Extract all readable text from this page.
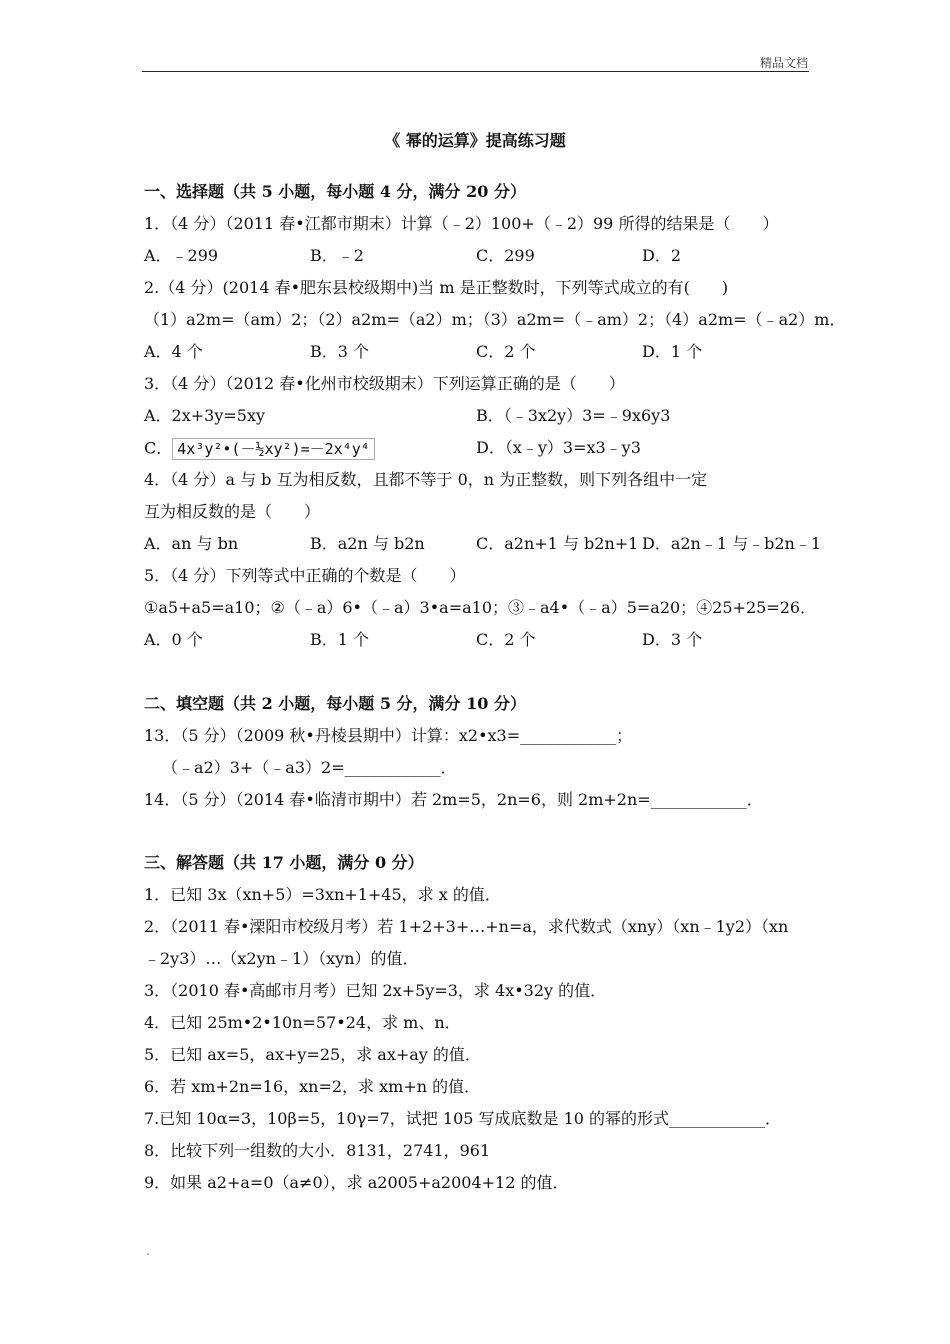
精品文档
《 幂的运算》提高练习题
一、选择题（共 5 小题，每小题 4 分，满分 20 分）
1．（4 分）（2011 春•江都市期末）计算（﹣2）100+（﹣2）99 所得的结果是（　　）
A．﹣299	B．﹣2	C．299	D．2
2.（4 分）(2014 春•肥东县校级期中)当 m 是正整数时，下列等式成立的有(　　)
（1）a2m=（am）2；（2）a2m=（a2）m；（3）a2m=（﹣am）2；（4）a2m=（﹣a2）m．
A．4 个	B．3 个	C．2 个	D．1 个
3．（4 分）（2012 春•化州市校级期末）下列运算正确的是（　　）
A．2x+3y=5xy	B．（﹣3x2y）3=﹣9x6y3
C． 4x³y²•(－½xy²)=－2x⁴y⁴	D．（x﹣y）3=x3﹣y3
4．（4 分）a 与 b 互为相反数，且都不等于 0，n 为正整数，则下列各组中一定
互为相反数的是（　　）
A．an 与 bn	B．a2n 与 b2n	C．a2n+1 与 b2n+1 D．a2n﹣1 与﹣b2n﹣1
5．（4 分）下列等式中正确的个数是（　　）
①a5+a5=a10；②（﹣a）6•（﹣a）3•a=a10；③﹣a4•（﹣a）5=a20；④25+25=26．
A．0 个	B．1 个	C．2 个	D．3 个
二、填空题（共 2 小题，每小题 5 分，满分 10 分）
13．（5 分）（2009 秋•丹棱县期中）计算：x2•x3=____________；
（﹣a2）3+（﹣a3）2=____________．
14．（5 分）（2014 春•临清市期中）若 2m=5，2n=6，则 2m+2n=____________．
三、解答题（共 17 小题，满分 0 分）
1．已知 3x（xn+5）=3xn+1+45，求 x 的值．
2．（2011 春•溧阳市校级月考）若 1+2+3+…+n=a，求代数式（xny）（xn﹣1y2）（xn
﹣2y3）…（x2yn﹣1）（xyn）的值．
3．（2010 春•高邮市月考）已知 2x+5y=3，求 4x•32y 的值．
4．已知 25m•2•10n=57•24，求 m、n．
5．已知 ax=5，ax+y=25，求 ax+ay 的值．
6．若 xm+2n=16，xn=2，求 xm+n 的值．
7.已知 10α=3，10β=5，10γ=7，试把 105 写成底数是 10 的幂的形式____________．
8．比较下列一组数的大小．8131，2741，961
9．如果 a2+a=0（a≠0），求 a2005+a2004+12 的值．
.
